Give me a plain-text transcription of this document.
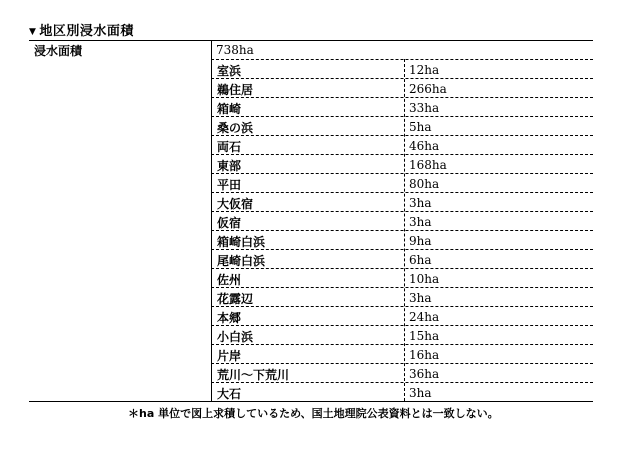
▼ 地区別浸水面積
浸水面積	738ha
室浜	12ha
鵜住居	266ha
箱崎	33ha
桑の浜	5ha
両石	46ha
東部	168ha
平田	80ha
大仮宿	3ha
仮宿	3ha
箱崎白浜	9ha
尾崎白浜	6ha
佐州	10ha
花露辺	3ha
本郷	24ha
小白浜	15ha
片岸	16ha
荒川～下荒川	36ha
大石	3ha
＊ha 単位で図上求積しているため、国土地理院公表資料とは一致しない。
